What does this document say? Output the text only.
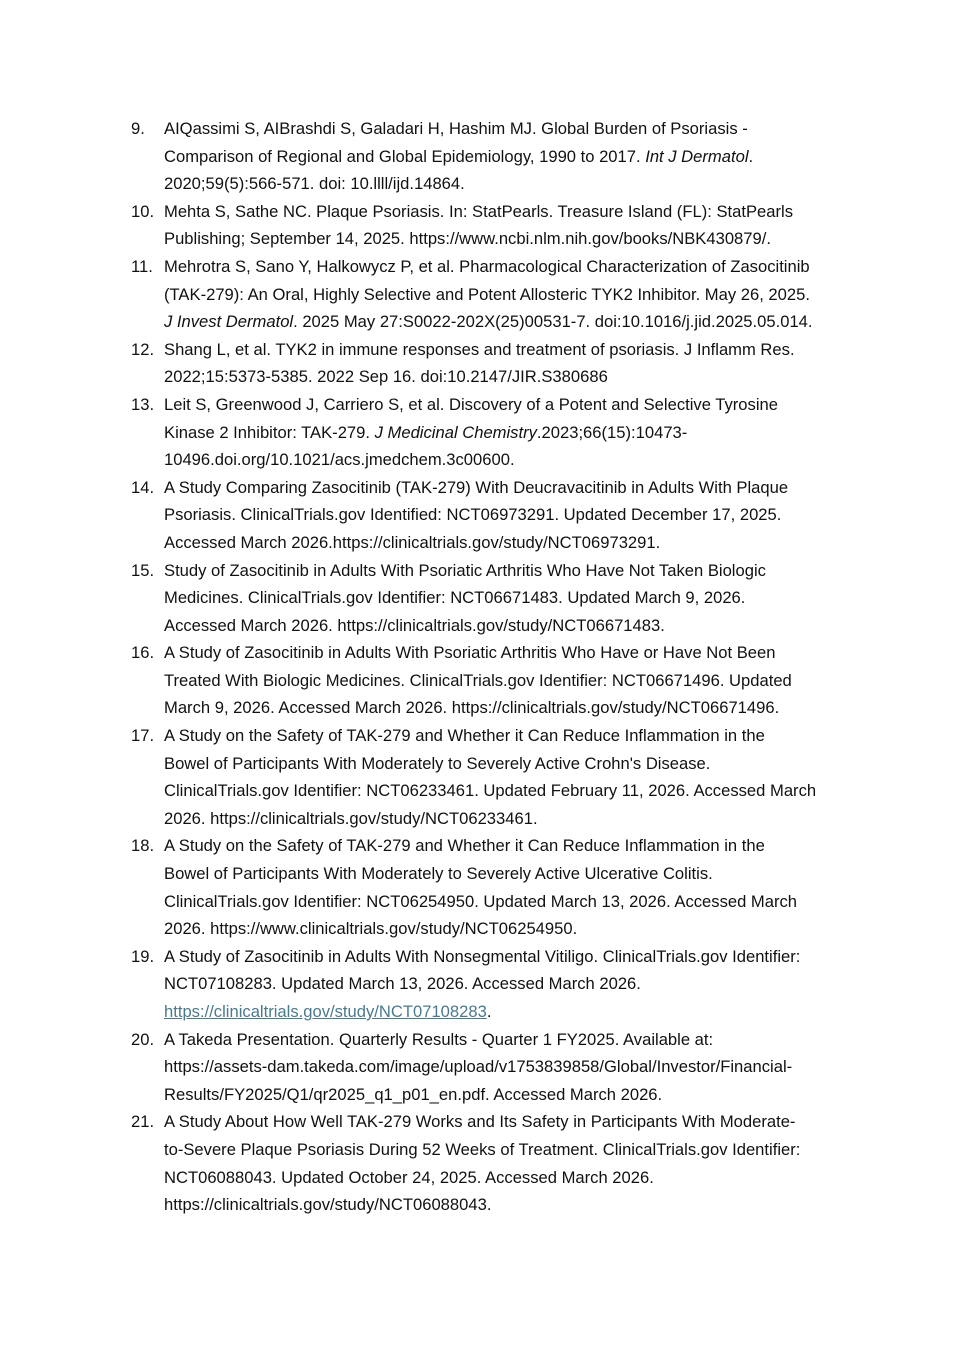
9.	AIQassimi S, AIBrashdi S, Galadari H, Hashim MJ. Global Burden of Psoriasis -
Comparison of Regional and Global Epidemiology, 1990 to 2017. Int J Dermatol.
2020;59(5):566-571. doi: 10.llll/ijd.14864.
10. Mehta S, Sathe NC. Plaque Psoriasis. In: StatPearls. Treasure Island (FL): StatPearls
Publishing; September 14, 2025. https://www.ncbi.nlm.nih.gov/books/NBK430879/.
11. Mehrotra S, Sano Y, Halkowycz P, et al. Pharmacological Characterization of Zasocitinib
(TAK-279): An Oral, Highly Selective and Potent Allosteric TYK2 Inhibitor. May 26, 2025.
J Invest Dermatol. 2025 May 27:S0022-202X(25)00531-7. doi:10.1016/j.jid.2025.05.014.
12. Shang L, et al. TYK2 in immune responses and treatment of psoriasis. J Inflamm Res.
2022;15:5373-5385. 2022 Sep 16. doi:10.2147/JIR.S380686
13. Leit S, Greenwood J, Carriero S, et al. Discovery of a Potent and Selective Tyrosine
Kinase 2 Inhibitor: TAK-279. J Medicinal Chemistry.2023;66(15):10473-
10496.doi.org/10.1021/acs.jmedchem.3c00600.
14. A Study Comparing Zasocitinib (TAK-279) With Deucravacitinib in Adults With Plaque
Psoriasis. ClinicalTrials.gov Identified: NCT06973291. Updated December 17, 2025.
Accessed March 2026.https://clinicaltrials.gov/study/NCT06973291.
15. Study of Zasocitinib in Adults With Psoriatic Arthritis Who Have Not Taken Biologic
Medicines. ClinicalTrials.gov Identifier: NCT06671483. Updated March 9, 2026.
Accessed March 2026. https://clinicaltrials.gov/study/NCT06671483.
16. A Study of Zasocitinib in Adults With Psoriatic Arthritis Who Have or Have Not Been
Treated With Biologic Medicines. ClinicalTrials.gov Identifier: NCT06671496. Updated
March 9, 2026. Accessed March 2026. https://clinicaltrials.gov/study/NCT06671496.
17. A Study on the Safety of TAK-279 and Whether it Can Reduce Inflammation in the
Bowel of Participants With Moderately to Severely Active Crohn's Disease.
ClinicalTrials.gov Identifier: NCT06233461. Updated February 11, 2026. Accessed March
2026. https://clinicaltrials.gov/study/NCT06233461.
18. A Study on the Safety of TAK-279 and Whether it Can Reduce Inflammation in the
Bowel of Participants With Moderately to Severely Active Ulcerative Colitis.
ClinicalTrials.gov Identifier: NCT06254950. Updated March 13, 2026. Accessed March
2026. https://www.clinicaltrials.gov/study/NCT06254950.
19. A Study of Zasocitinib in Adults With Nonsegmental Vitiligo. ClinicalTrials.gov Identifier:
NCT07108283. Updated March 13, 2026. Accessed March 2026.
https://clinicaltrials.gov/study/NCT07108283.
20. A Takeda Presentation. Quarterly Results - Quarter 1 FY2025. Available at:
https://assets-dam.takeda.com/image/upload/v1753839858/Global/Investor/Financial-
Results/FY2025/Q1/qr2025_q1_p01_en.pdf. Accessed March 2026.
21. A Study About How Well TAK-279 Works and Its Safety in Participants With Moderate-
to-Severe Plaque Psoriasis During 52 Weeks of Treatment. ClinicalTrials.gov Identifier:
NCT06088043. Updated October 24, 2025. Accessed March 2026.
https://clinicaltrials.gov/study/NCT06088043.
